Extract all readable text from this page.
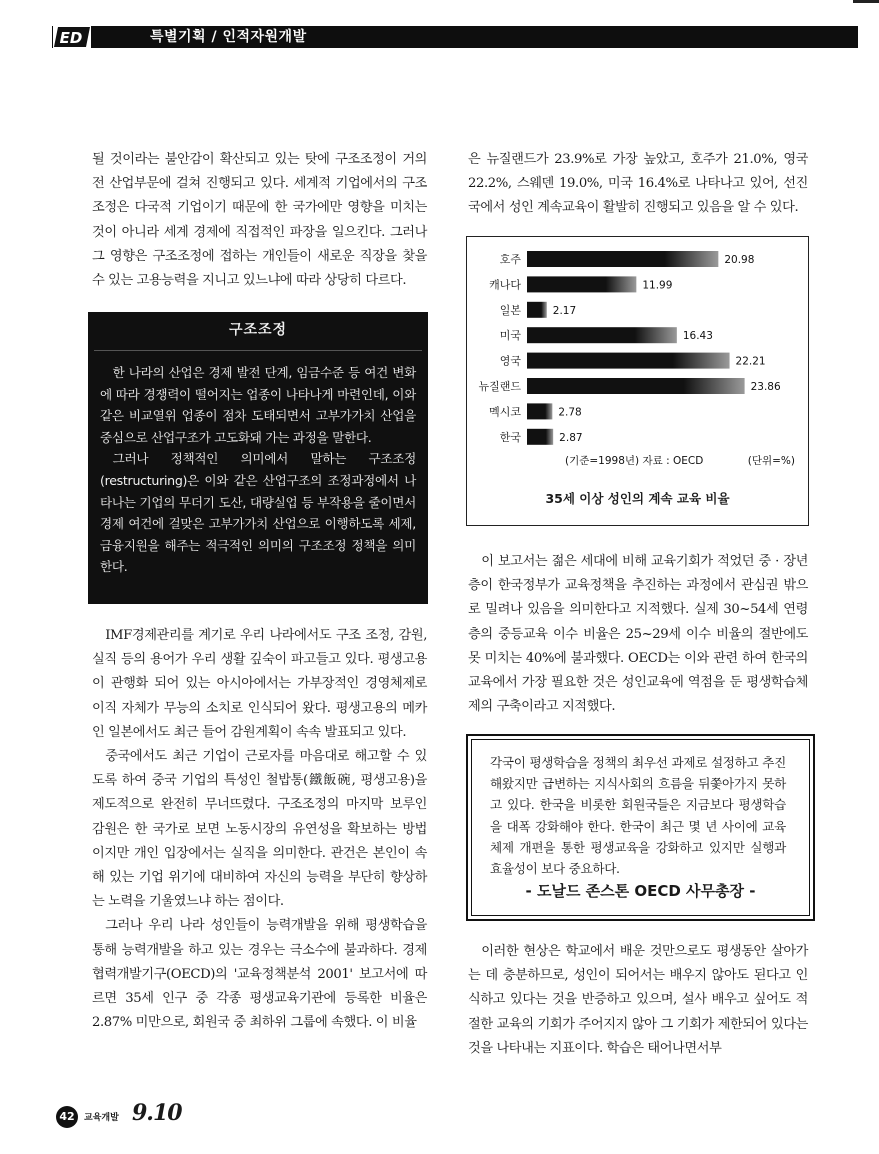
특별기획 / 인적자원개발
ED

될 것이라는 불안감이 확산되고 있는 탓에 구조조정이 거의 전 산업부문에 걸쳐 진행되고 있다. 세계적 기업에서의 구조조정은 다국적 기업이기 때문에 한 국가에만 영향을 미치는 것이 아니라 세계 경제에 직접적인 파장을 일으킨다. 그러나 그 영향은 구조조정에 접하는 개인들이 새로운 직장을 찾을 수 있는 고용능력을 지니고 있느냐에 따라 상당히 다르다.

구조조정

한 나라의 산업은 경제 발전 단계, 임금수준 등 여건 변화에 따라 경쟁력이 떨어지는 업종이 나타나게 마련인데, 이와 같은 비교열위 업종이 점차 도태되면서 고부가가치 산업을 중심으로 산업구조가 고도화돼 가는 과정을 말한다.

그러나 정책적인 의미에서 말하는 구조조정(restructuring)은 이와 같은 산업구조의 조정과정에서 나타나는 기업의 무더기 도산, 대량실업 등 부작용을 줄이면서 경제 여건에 걸맞은 고부가가치 산업으로 이행하도록 세제, 금융지원을 해주는 적극적인 의미의 구조조정 정책을 의미한다.

IMF경제관리를 계기로 우리 나라에서도 구조 조정, 감원, 실직 등의 용어가 우리 생활 깊숙이 파고들고 있다. 평생고용이 관행화 되어 있는 아시아에서는 가부장적인 경영체제로 이직 자체가 무능의 소치로 인식되어 왔다. 평생고용의 메카인 일본에서도 최근 들어 감원계획이 속속 발표되고 있다.

중국에서도 최근 기업이 근로자를 마음대로 해고할 수 있도록 하여 중국 기업의 특성인 철밥통(鐵飯碗, 평생고용)을 제도적으로 완전히 무너뜨렸다. 구조조정의 마지막 보루인 감원은 한 국가로 보면 노동시장의 유연성을 확보하는 방법이지만 개인 입장에서는 실직을 의미한다. 관건은 본인이 속해 있는 기업 위기에 대비하여 자신의 능력을 부단히 향상하는 노력을 기울였느냐 하는 점이다.

그러나 우리 나라 성인들이 능력개발을 위해 평생학습을 통해 능력개발을 하고 있는 경우는 극소수에 불과하다. 경제협력개발기구(OECD)의 '교육정책분석 2001' 보고서에 따르면 35세 인구 중 각종 평생교육기관에 등록한 비율은 2.87% 미만으로, 회원국 중 최하위 그룹에 속했다. 이 비율

은 뉴질랜드가 23.9%로 가장 높았고, 호주가 21.0%, 영국 22.2%, 스웨덴 19.0%, 미국 16.4%로 나타나고 있어, 선진국에서 성인 계속교육이 활발히 진행되고 있음을 알 수 있다.

호주	20.98
캐나다	11.99
일본	2.17
미국	16.43
영국	22.21
뉴질랜드	23.86
멕시코	2.78
한국	2.87
(기준=1998년) 자료 : OECD	(단위=%)
35세 이상 성인의 계속 교육 비율

이 보고서는 젊은 세대에 비해 교육기회가 적었던 중 · 장년층이 한국정부가 교육정책을 추진하는 과정에서 관심권 밖으로 밀려나 있음을 의미한다고 지적했다. 실제 30~54세 연령층의 중등교육 이수 비율은 25~29세 이수 비율의 절반에도 못 미치는 40%에 불과했다. OECD는 이와 관련 하여 한국의 교육에서 가장 필요한 것은 성인교육에 역점을 둔 평생학습체제의 구축이라고 지적했다.

각국이 평생학습을 정책의 최우선 과제로 설정하고 추진해왔지만 급변하는 지식사회의 흐름을 뒤쫓아가지 못하고 있다. 한국을 비롯한 회원국들은 지금보다 평생학습을 대폭 강화해야 한다. 한국이 최근 몇 년 사이에 교육체제 개편을 통한 평생교육을 강화하고 있지만 실행과 효율성이 보다 중요하다.

- 도날드 존스톤 OECD 사무총장 -

이러한 현상은 학교에서 배운 것만으로도 평생동안 살아가는 데 충분하므로, 성인이 되어서는 배우지 않아도 된다고 인식하고 있다는 것을 반증하고 있으며, 설사 배우고 싶어도 적절한 교육의 기회가 주어지지 않아 그 기회가 제한되어 있다는 것을 나타내는 지표이다. 학습은 태어나면서부

42	교육개발 9.10
